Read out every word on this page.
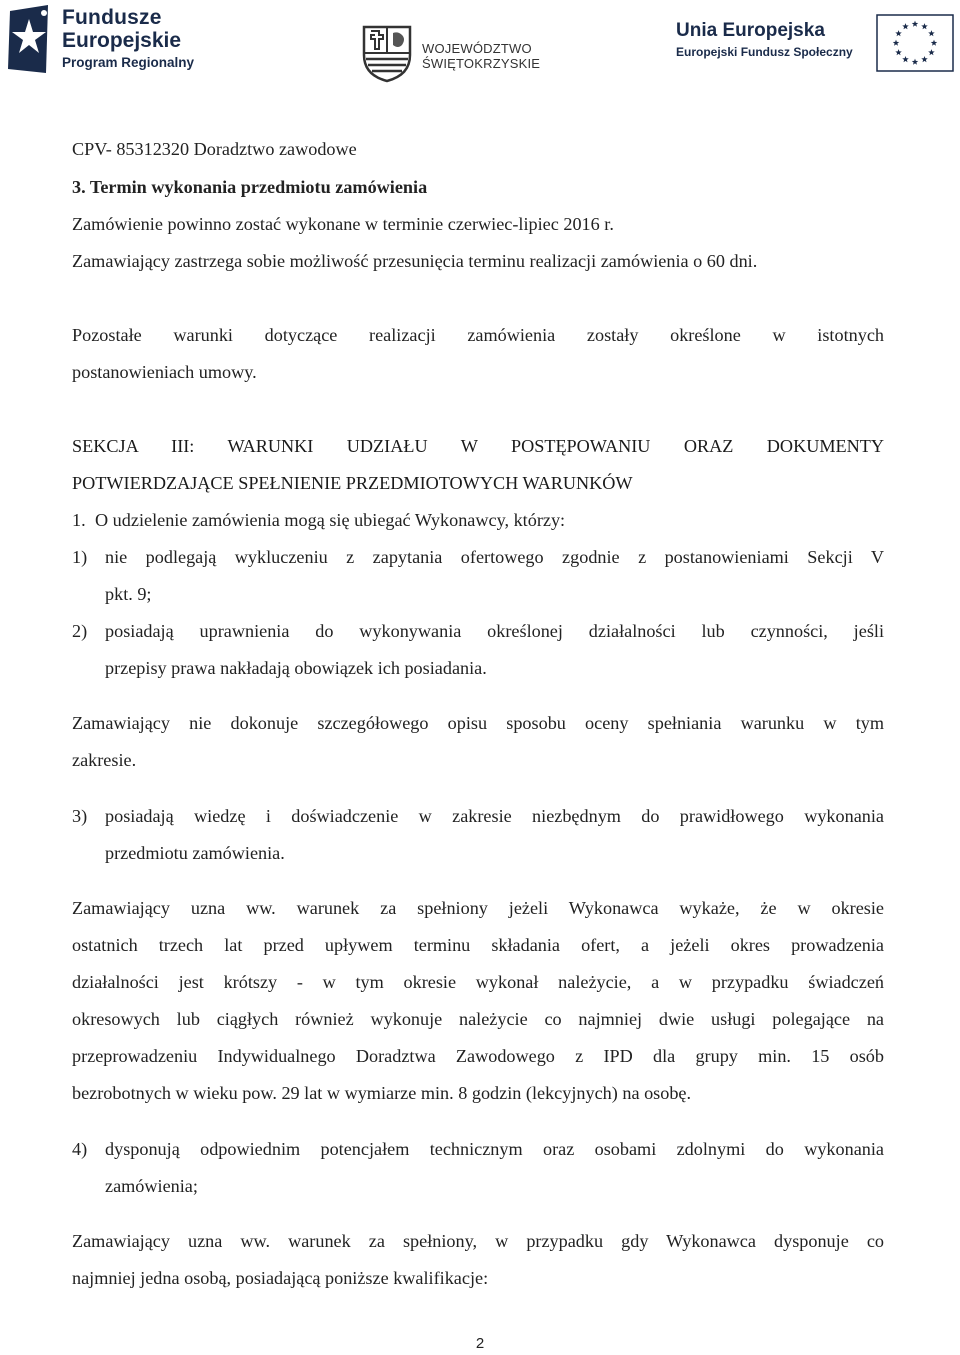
Fundusze
Europejskie
Program Regionalny
WOJEWÓDZTWO
ŚWIĘTOKRZYSKIE
Unia Europejska
Europejski Fundusz Społeczny
CPV- 85312320 Doradztwo zawodowe
3. Termin wykonania przedmiotu zamówienia
Zamówienie powinno zostać wykonane w terminie czerwiec-lipiec 2016 r.
Zamawiający zastrzega sobie możliwość przesunięcia terminu realizacji zamówienia o 60 dni.
Pozostałe warunki dotyczące realizacji zamówienia zostały określone w istotnych
postanowieniach umowy.
SEKCJA III: WARUNKI UDZIAŁU W POSTĘPOWANIU ORAZ DOKUMENTY
POTWIERDZAJĄCE SPEŁNIENIE PRZEDMIOTOWYCH WARUNKÓW
1. O udzielenie zamówienia mogą się ubiegać Wykonawcy, którzy:
1) nie podlegają wykluczeniu z zapytania ofertowego zgodnie z postanowieniami Sekcji V
pkt. 9;
2) posiadają uprawnienia do wykonywania określonej działalności lub czynności, jeśli
przepisy prawa nakładają obowiązek ich posiadania.
Zamawiający nie dokonuje szczegółowego opisu sposobu oceny spełniania warunku w tym
zakresie.
3) posiadają wiedzę i doświadczenie w zakresie niezbędnym do prawidłowego wykonania
przedmiotu zamówienia.
Zamawiający uzna ww. warunek za spełniony jeżeli Wykonawca wykaże, że w okresie
ostatnich trzech lat przed upływem terminu składania ofert, a jeżeli okres prowadzenia
działalności jest krótszy - w tym okresie wykonał należycie, a w przypadku świadczeń
okresowych lub ciągłych również wykonuje należycie co najmniej dwie usługi polegające na
przeprowadzeniu Indywidualnego Doradztwa Zawodowego z IPD dla grupy min. 15 osób
bezrobotnych w wieku pow. 29 lat w wymiarze min. 8 godzin (lekcyjnych) na osobę.
4) dysponują odpowiednim potencjałem technicznym oraz osobami zdolnymi do wykonania
zamówienia;
Zamawiający uzna ww. warunek za spełniony, w przypadku gdy Wykonawca dysponuje co
najmniej jedna osobą, posiadającą poniższe kwalifikacje:
2
